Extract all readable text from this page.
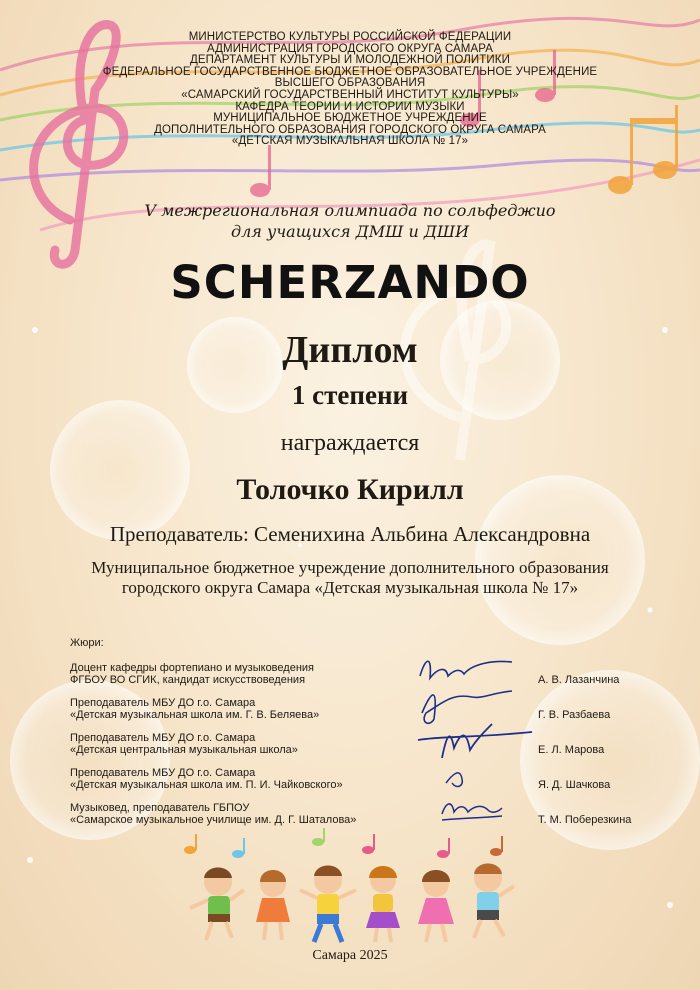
МИНИСТЕРСТВО КУЛЬТУРЫ РОССИЙСКОЙ ФЕДЕРАЦИИ
АДМИНИСТРАЦИЯ ГОРОДСКОГО ОКРУГА САМАРА
ДЕПАРТАМЕНТ КУЛЬТУРЫ И МОЛОДЕЖНОЙ ПОЛИТИКИ
ФЕДЕРАЛЬНОЕ ГОСУДАРСТВЕННОЕ БЮДЖЕТНОЕ ОБРАЗОВАТЕЛЬНОЕ УЧРЕЖДЕНИЕ
ВЫСШЕГО ОБРАЗОВАНИЯ
«САМАРСКИЙ ГОСУДАРСТВЕННЫЙ ИНСТИТУТ КУЛЬТУРЫ»
КАФЕДРА ТЕОРИИ И ИСТОРИИ МУЗЫКИ
МУНИЦИПАЛЬНОЕ БЮДЖЕТНОЕ УЧРЕЖДЕНИЕ
ДОПОЛНИТЕЛЬНОГО ОБРАЗОВАНИЯ ГОРОДСКОГО ОКРУГА САМАРА
«ДЕТСКАЯ МУЗЫКАЛЬНАЯ ШКОЛА № 17»
V межрегиональная олимпиада по сольфеджио
для учащихся ДМШ и ДШИ
SCHERZANDO
Диплом
1 степени
награждается
Толочко Кирилл
Преподаватель: Семенихина Альбина Александровна
Муниципальное бюджетное учреждение дополнительного образования
городского округа Самара «Детская музыкальная школа № 17»
Жюри:
Доцент кафедры фортепиано и музыковедения
ФГБОУ ВО СГИК, кандидат искусствоведения	А. В. Лазанчина
Преподаватель МБУ ДО г.о. Самара
«Детская музыкальная школа им. Г. В. Беляева»	Г. В. Разбаева
Преподаватель МБУ ДО г.о. Самара
«Детская центральная музыкальная школа»	Е. Л. Марова
Преподаватель МБУ ДО г.о. Самара
«Детская музыкальная школа им. П. И. Чайковского»	Я. Д. Шачкова
Музыковед, преподаватель ГБПОУ
«Самарское музыкальное училище им. Д. Г. Шаталова»	Т. М. Поберезкина
Самара 2025
